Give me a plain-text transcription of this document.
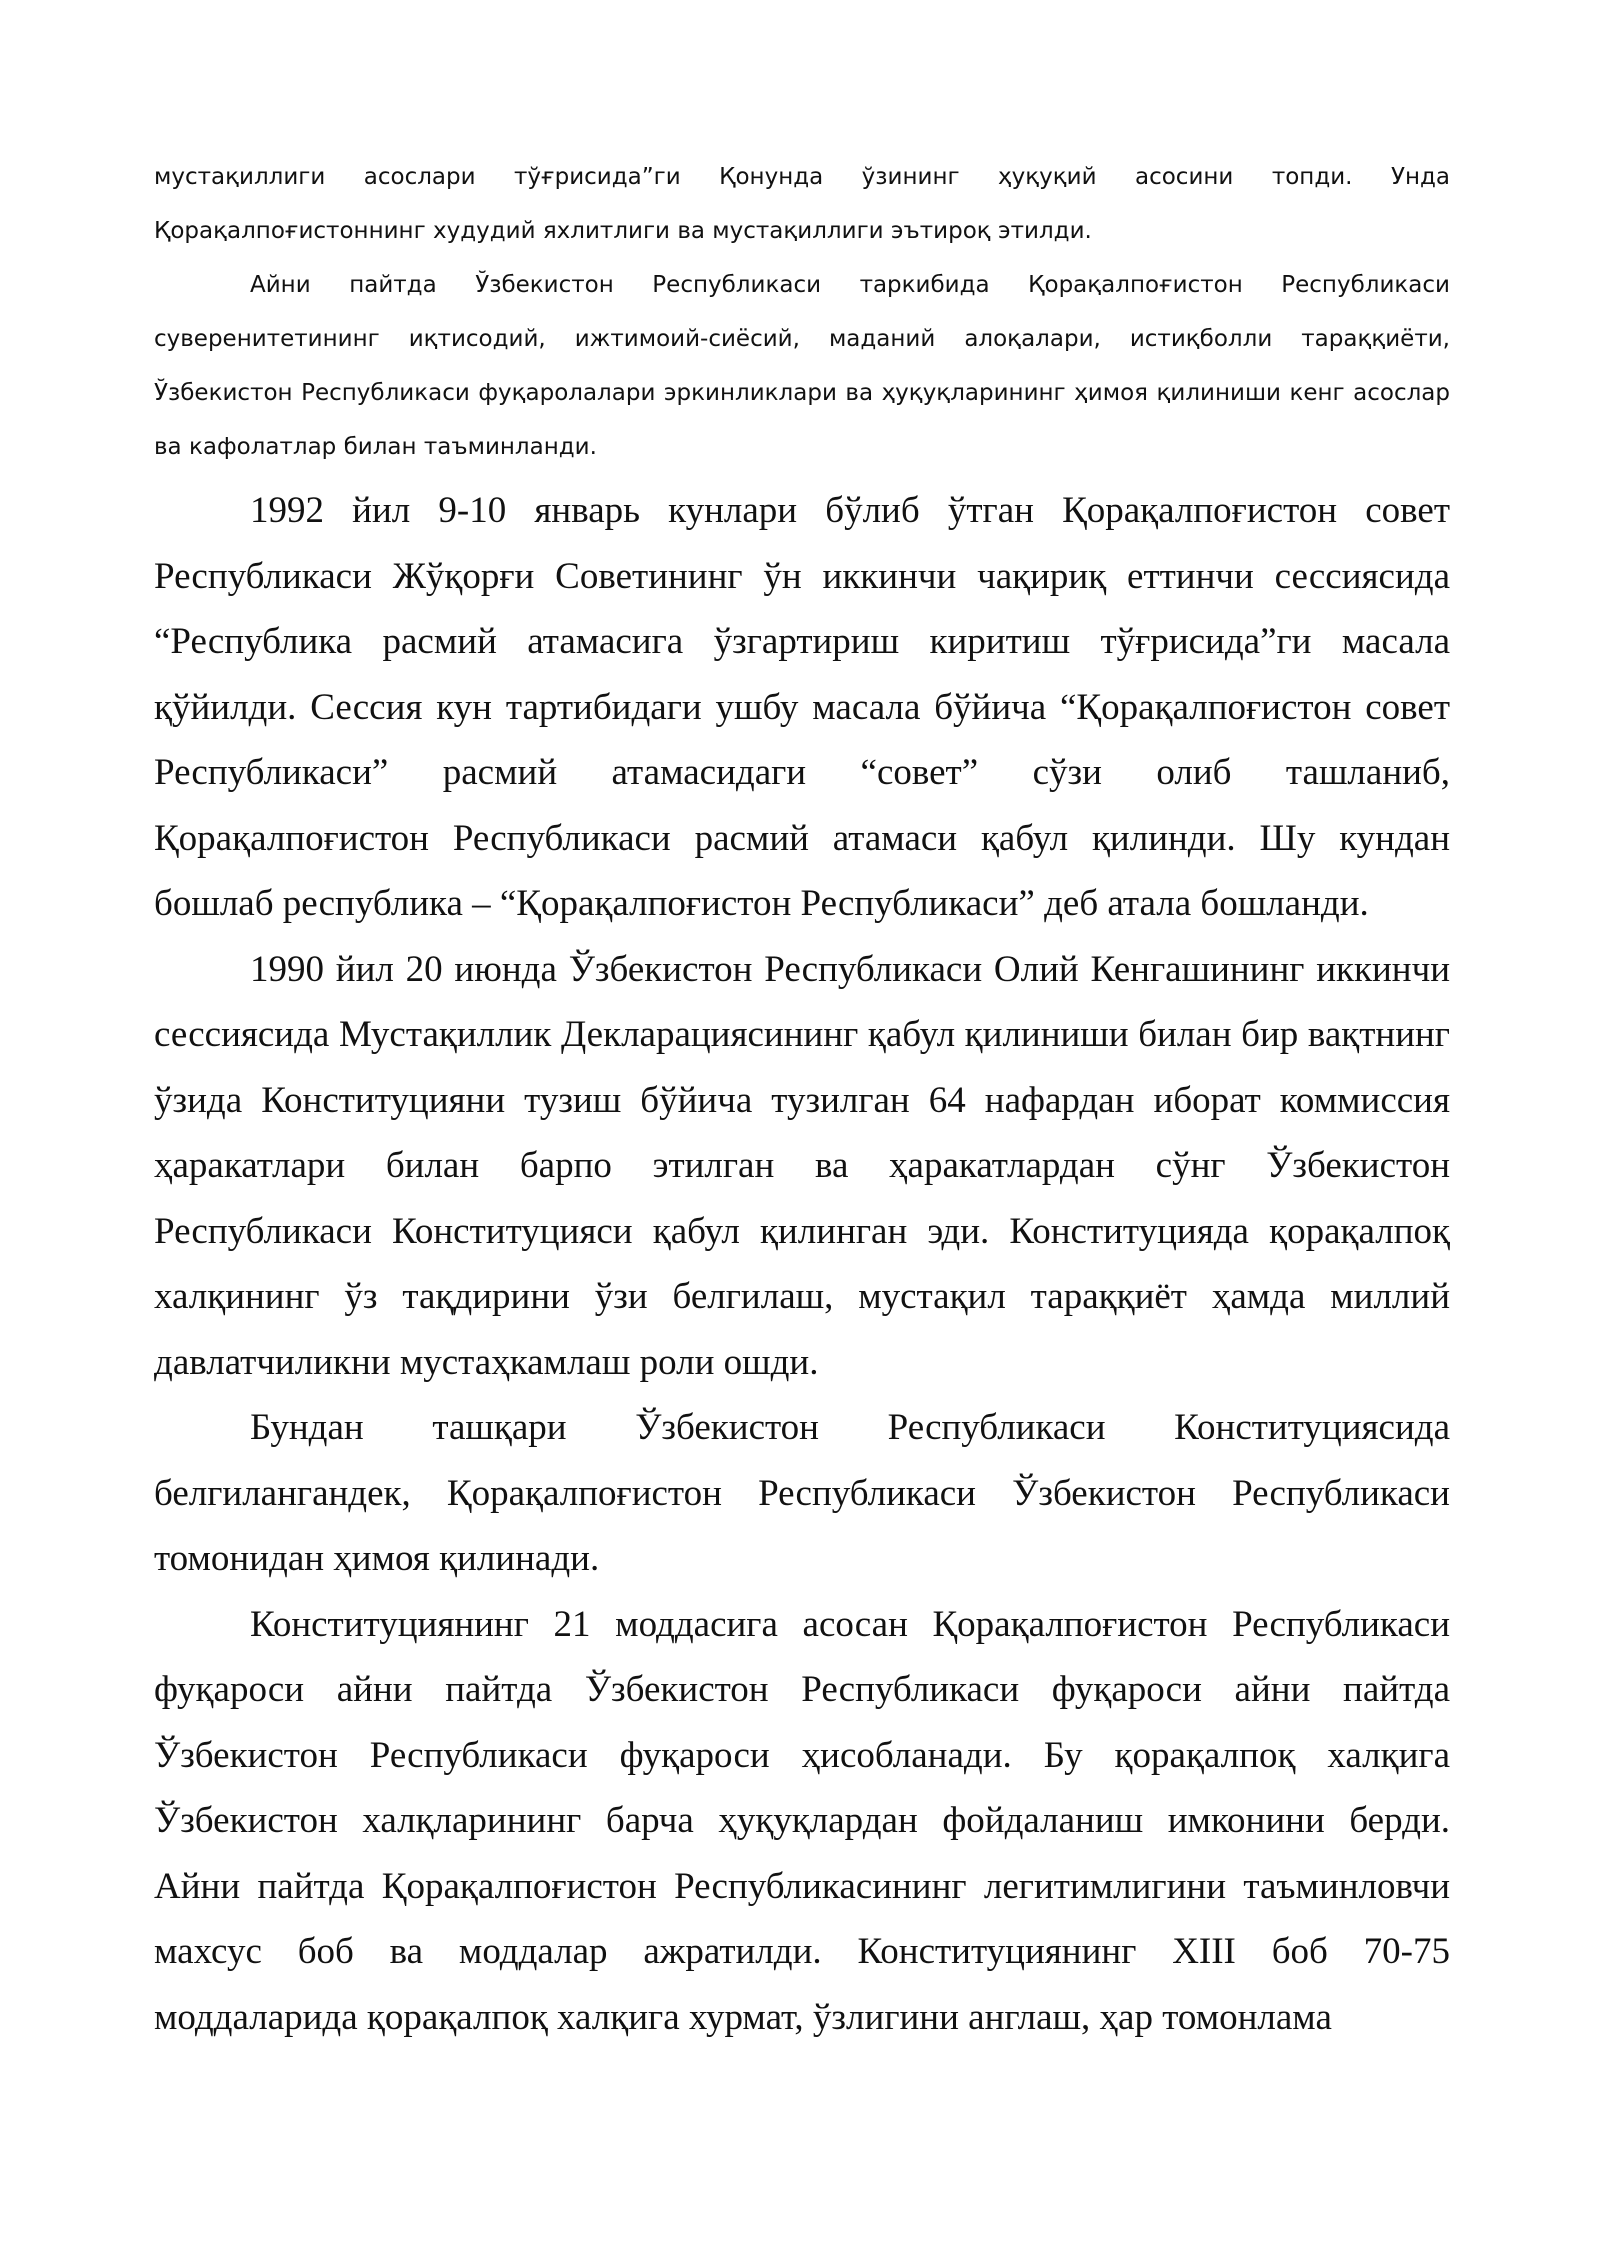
мустақиллиги асослари тўғрисида”ги Қонунда ўзининг ҳуқуқий асосини топди. Унда Қорақалпоғистоннинг худудий яхлитлиги ва мустақиллиги эътироқ этилди.

Айни пайтда Ўзбекистон Республикаси таркибида Қорақалпоғистон Республикаси суверенитетининг иқтисодий, ижтимоий-сиёсий, маданий алоқалари, истиқболли тараққиёти, Ўзбекистон Республикаси фуқаролалари эркинликлари ва ҳуқуқларининг ҳимоя қилиниши кенг асослар ва кафолатлар билан таъминланди.

1992 йил 9-10 январь кунлари бўлиб ўтган Қорақалпоғистон совет Республикаси Жўқорғи Советининг ўн иккинчи чақириқ еттинчи сессиясида “Республика расмий атамасига ўзгартириш киритиш тўғрисида”ги масала қўйилди. Сессия кун тартибидаги ушбу масала бўйича “Қорақалпоғистон совет Республикаси” расмий атамасидаги “совет” сўзи олиб ташланиб, Қорақалпоғистон Республикаси расмий атамаси қабул қилинди. Шу кундан бошлаб республика – “Қорақалпоғистон Республикаси” деб атала бошланди.

1990 йил 20 июнда Ўзбекистон Республикаси Олий Кенгашининг иккинчи сессиясида Мустақиллик Декларациясининг қабул қилиниши билан бир вақтнинг ўзида Конституцияни тузиш бўйича тузилган 64 нафардан иборат коммиссия ҳаракатлари билан барпо этилган ва ҳаракатлардан сўнг Ўзбекистон Республикаси Конституцияси қабул қилинган эди. Конституцияда қорақалпоқ халқининг ўз тақдирини ўзи белгилаш, мустақил тараққиёт ҳамда миллий давлатчиликни мустаҳкамлаш роли ошди.

Бундан ташқари Ўзбекистон Республикаси Конституциясида белгилангандек, Қорақалпоғистон Республикаси Ўзбекистон Республикаси томонидан ҳимоя қилинади.

Конституциянинг 21 моддасига асосан Қорақалпоғистон Республикаси фуқароси айни пайтда Ўзбекистон Республикаси фуқароси айни пайтда Ўзбекистон Республикаси фуқароси ҳисобланади. Бу қорақалпоқ халқига Ўзбекистон халқларининг барча ҳуқуқлардан фойдаланиш имконини берди. Айни пайтда Қорақалпоғистон Республикасининг легитимлигини таъминловчи махсус боб ва моддалар ажратилди. Конституциянинг XIII боб 70-75 моддаларида қорақалпоқ халқига хурмат, ўзлигини англаш, ҳар томонлама
